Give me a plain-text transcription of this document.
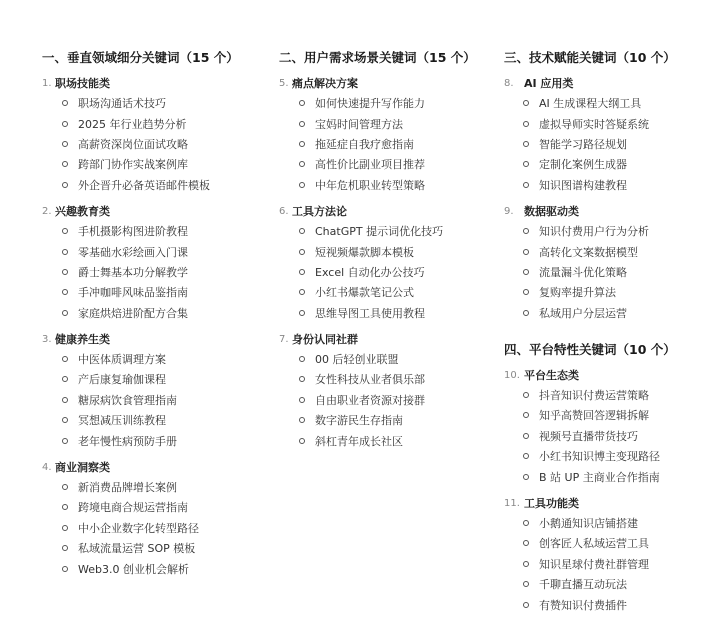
一、垂直领域细分关键词（15 个）
1. 职场技能类
职场沟通话术技巧
2025 年行业趋势分析
高薪资深岗位面试攻略
跨部门协作实战案例库
外企晋升必备英语邮件模板
2. 兴趣教育类
手机摄影构图进阶教程
零基础水彩绘画入门课
爵士舞基本功分解教学
手冲咖啡风味品鉴指南
家庭烘焙进阶配方合集
3. 健康养生类
中医体质调理方案
产后康复瑜伽课程
糖尿病饮食管理指南
冥想减压训练教程
老年慢性病预防手册
4. 商业洞察类
新消费品牌增长案例
跨境电商合规运营指南
中小企业数字化转型路径
私域流量运营 SOP 模板
Web3.0 创业机会解析
二、用户需求场景关键词（15 个）
5. 痛点解决方案
如何快速提升写作能力
宝妈时间管理方法
拖延症自我疗愈指南
高性价比副业项目推荐
中年危机职业转型策略
6. 工具方法论
ChatGPT 提示词优化技巧
短视频爆款脚本模板
Excel 自动化办公技巧
小红书爆款笔记公式
思维导图工具使用教程
7. 身份认同社群
00 后轻创业联盟
女性科技从业者俱乐部
自由职业者资源对接群
数字游民生存指南
斜杠青年成长社区
三、技术赋能关键词（10 个）
8. AI 应用类
AI 生成课程大纲工具
虚拟导师实时答疑系统
智能学习路径规划
定制化案例生成器
知识图谱构建教程
9. 数据驱动类
知识付费用户行为分析
高转化文案数据模型
流量漏斗优化策略
复购率提升算法
私域用户分层运营
四、平台特性关键词（10 个）
10. 平台生态类
抖音知识付费运营策略
知乎高赞回答逻辑拆解
视频号直播带货技巧
小红书知识博主变现路径
B 站 UP 主商业合作指南
11. 工具功能类
小鹅通知识店铺搭建
创客匠人私域运营工具
知识星球付费社群管理
千聊直播互动玩法
有赞知识付费插件
